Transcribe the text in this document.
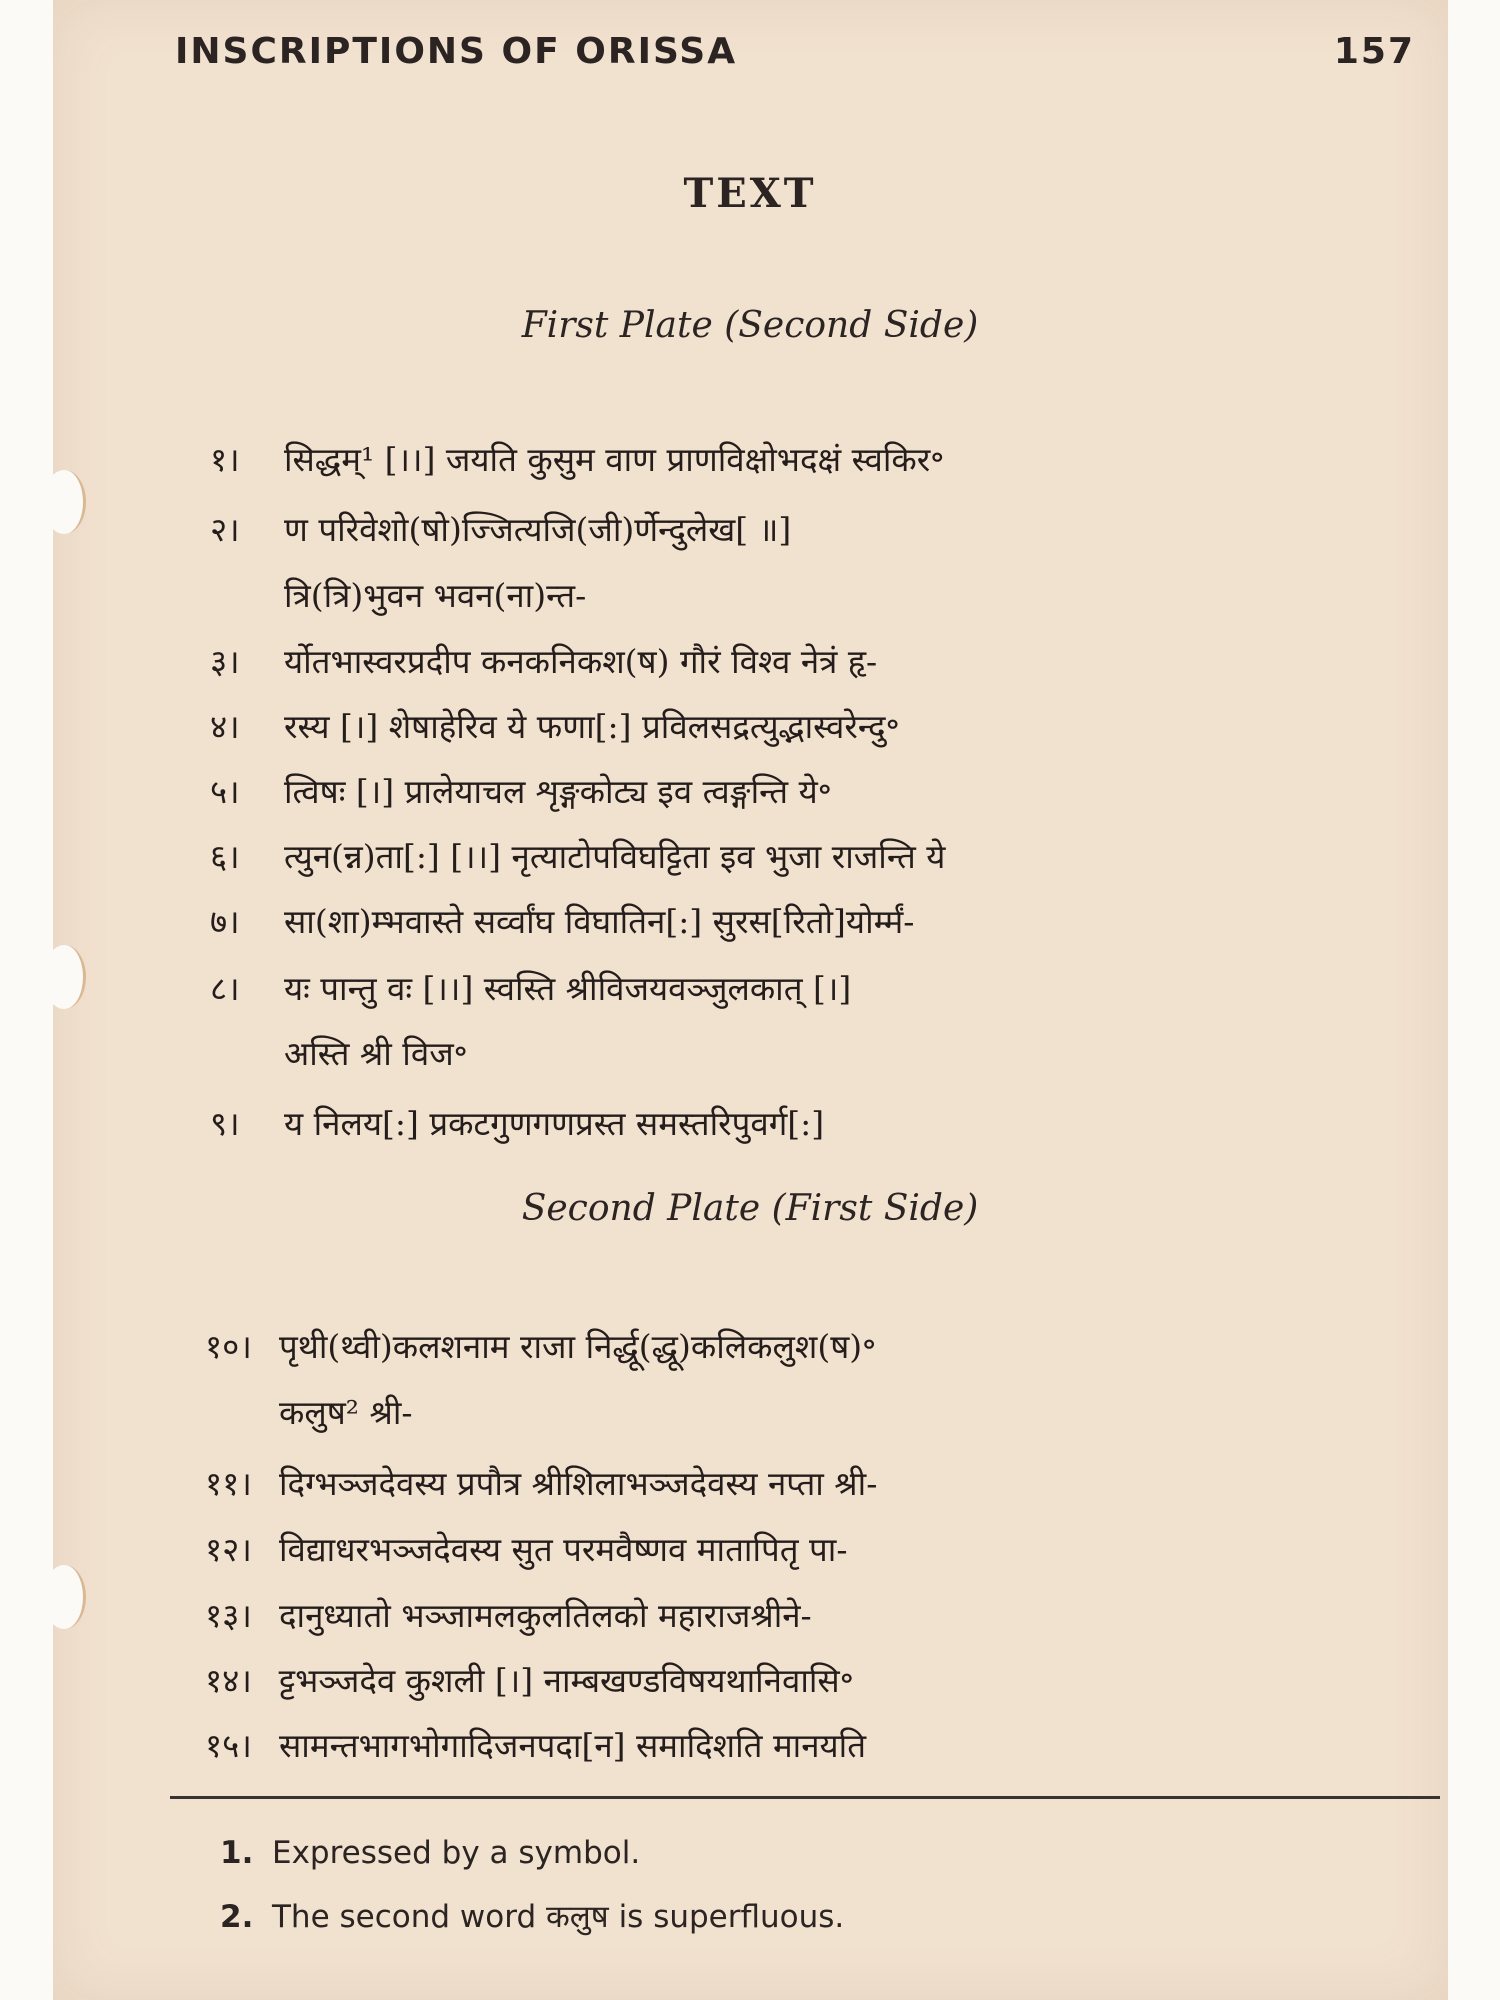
INSCRIPTIONS OF ORISSA	157
TEXT
First Plate (Second Side)
१। सिद्धम्¹ [।।] जयति कुसुम वाण प्राणविक्षोभदक्षं स्वकिर॰
२। ण परिवेशो(षो)ज्जित्यजि(जी)र्णेन्दुलेख[ ॥]
त्रि(त्रि)भुवन भवन(ना)न्त-
३। र्योतभास्वरप्रदीप कनकनिकश(ष) गौरं विश्व नेत्रं हृ-
४। रस्य [।] शेषाहेरिव ये फणा[:] प्रविलसद्रत्युद्भास्वरेन्दु॰
५। त्विषः [।] प्रालेयाचल शृङ्गकोट्य इव त्वङ्गन्ति ये॰
६। त्युन(न्न)ता[:] [।।] नृत्याटोपविघट्टिता इव भुजा राजन्ति ये
७। सा(शा)म्भवास्ते सर्व्वांघ विघातिन[:] सुरस[रितो]योर्म्मं-
८। यः पान्तु वः [।।] स्वस्ति श्रीविजयवञ्जुलकात् [।]
अस्ति श्री विज॰
९। य निलय[:] प्रकटगुणगणप्रस्त समस्तरिपुवर्ग[:]
Second Plate (First Side)
१०। पृथी(थ्वी)कलशनाम राजा निर्द्धू(द्धू)कलिकलुश(ष)॰
कलुष² श्री-
११। दिग्भञ्जदेवस्य प्रपौत्र श्रीशिलाभञ्जदेवस्य नप्ता श्री-
१२। विद्याधरभञ्जदेवस्य सुत परमवैष्णव मातापितृ पा-
१३। दानुध्यातो भञ्जामलकुलतिलको महाराजश्रीने-
१४। ट्टभञ्जदेव कुशली [।] नाम्बखण्डविषयथानिवासि॰
१५। सामन्तभागभोगादिजनपदा[न] समादिशति मानयति
1. Expressed by a symbol.
2. The second word कलुष is superfluous.
